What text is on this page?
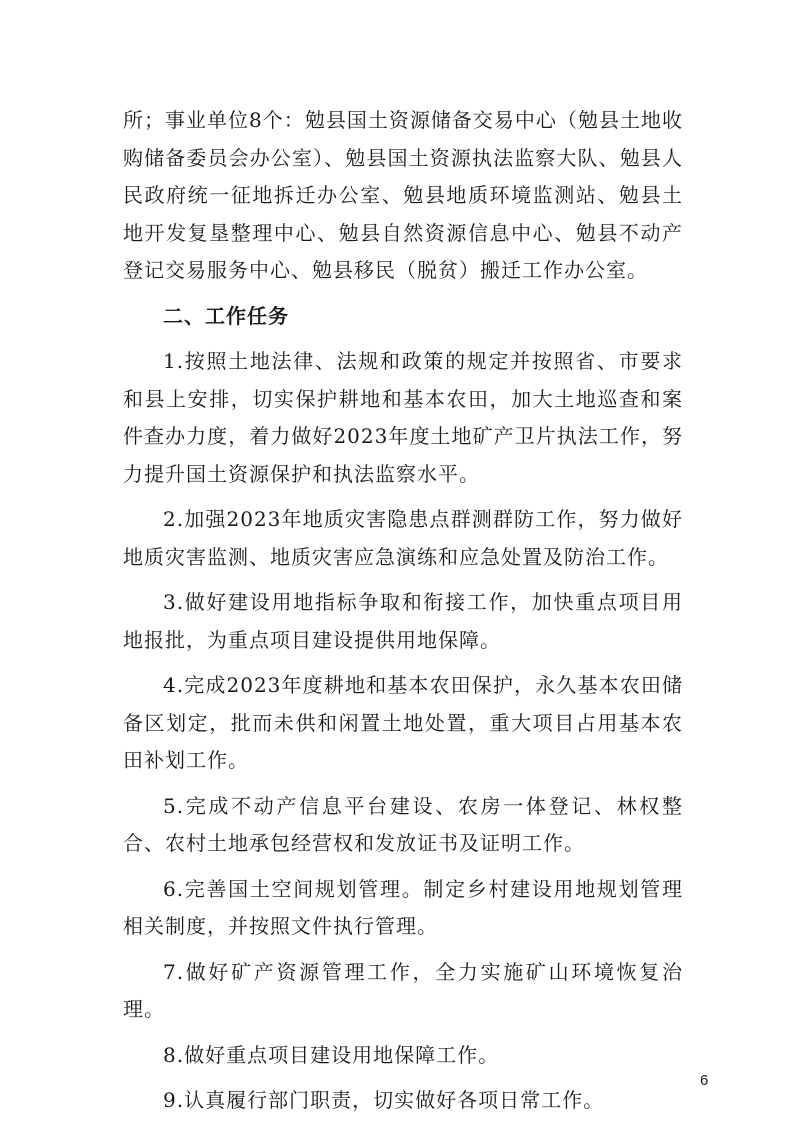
所；事业单位8个：勉县国土资源储备交易中心（勉县土地收购储备委员会办公室）、勉县国土资源执法监察大队、勉县人民政府统一征地拆迁办公室、勉县地质环境监测站、勉县土地开发复垦整理中心、勉县自然资源信息中心、勉县不动产登记交易服务中心、勉县移民（脱贫）搬迁工作办公室。

二、工作任务

1.按照土地法律、法规和政策的规定并按照省、市要求和县上安排，切实保护耕地和基本农田，加大土地巡查和案件查办力度，着力做好2023年度土地矿产卫片执法工作，努力提升国土资源保护和执法监察水平。

2.加强2023年地质灾害隐患点群测群防工作，努力做好地质灾害监测、地质灾害应急演练和应急处置及防治工作。

3.做好建设用地指标争取和衔接工作，加快重点项目用地报批，为重点项目建设提供用地保障。

4.完成2023年度耕地和基本农田保护，永久基本农田储备区划定，批而未供和闲置土地处置，重大项目占用基本农田补划工作。

5.完成不动产信息平台建设、农房一体登记、林权整合、农村土地承包经营权和发放证书及证明工作。

6.完善国土空间规划管理。制定乡村建设用地规划管理相关制度，并按照文件执行管理。

7.做好矿产资源管理工作，全力实施矿山环境恢复治理。

8.做好重点项目建设用地保障工作。

9.认真履行部门职责，切实做好各项日常工作。

6
